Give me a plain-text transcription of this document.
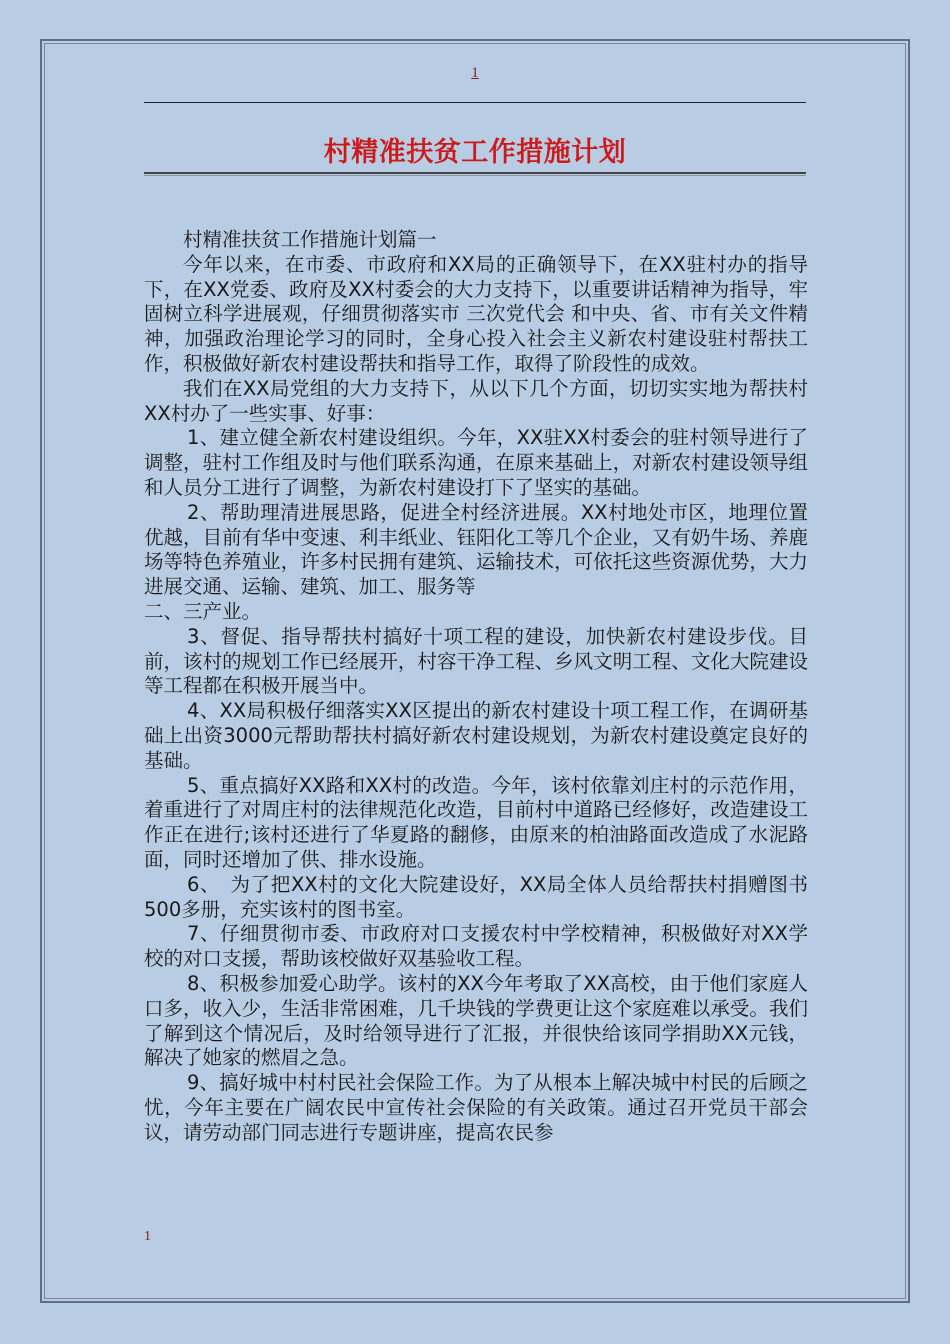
1
村精准扶贫工作措施计划

村精准扶贫工作措施计划篇一

今年以来，在市委、市政府和XX局的正确领导下，在XX驻村办的指导下，在XX党委、政府及XX村委会的大力支持下，以重要讲话精神为指导，牢固树立科学进展观，仔细贯彻落实市 三次党代会 和中央、省、市有关文件精神，加强政治理论学习的同时，全身心投入社会主义新农村建设驻村帮扶工作，积极做好新农村建设帮扶和指导工作，取得了阶段性的成效。

我们在XX局党组的大力支持下，从以下几个方面，切切实实地为帮扶村XX村办了一些实事、好事：

1、建立健全新农村建设组织。今年，XX驻XX村委会的驻村领导进行了调整，驻村工作组及时与他们联系沟通，在原来基础上，对新农村建设领导组和人员分工进行了调整，为新农村建设打下了坚实的基础。

2、帮助理清进展思路，促进全村经济进展。XX村地处市区，地理位置优越，目前有华中变速、利丰纸业、钰阳化工等几个企业，又有奶牛场、养鹿场等特色养殖业，许多村民拥有建筑、运输技术，可依托这些资源优势，大力进展交通、运输、建筑、加工、服务等

二、三产业。

3、督促、指导帮扶村搞好十项工程的建设，加快新农村建设步伐。目前，该村的规划工作已经展开，村容干净工程、乡风文明工程、文化大院建设等工程都在积极开展当中。

4、XX局积极仔细落实XX区提出的新农村建设十项工程工作，在调研基础上出资3000元帮助帮扶村搞好新农村建设规划，为新农村建设奠定良好的基础。

5、重点搞好XX路和XX村的改造。今年，该村依靠刘庄村的示范作用，着重进行了对周庄村的法律规范化改造，目前村中道路已经修好，改造建设工作正在进行;该村还进行了华夏路的翻修，由原来的柏油路面改造成了水泥路面，同时还增加了供、排水设施。

6、　为了把XX村的文化大院建设好，XX局全体人员给帮扶村捐赠图书500多册，充实该村的图书室。

7、仔细贯彻市委、市政府对口支援农村中学校精神，积极做好对XX学校的对口支援，帮助该校做好双基验收工程。

8、积极参加爱心助学。该村的XX今年考取了XX高校，由于他们家庭人口多，收入少，生活非常困难，几千块钱的学费更让这个家庭难以承受。我们了解到这个情况后，及时给领导进行了汇报，并很快给该同学捐助XX元钱，解决了她家的燃眉之急。

9、搞好城中村村民社会保险工作。为了从根本上解决城中村民的后顾之忧，今年主要在广阔农民中宣传社会保险的有关政策。通过召开党员干部会议，请劳动部门同志进行专题讲座，提高农民参

1
